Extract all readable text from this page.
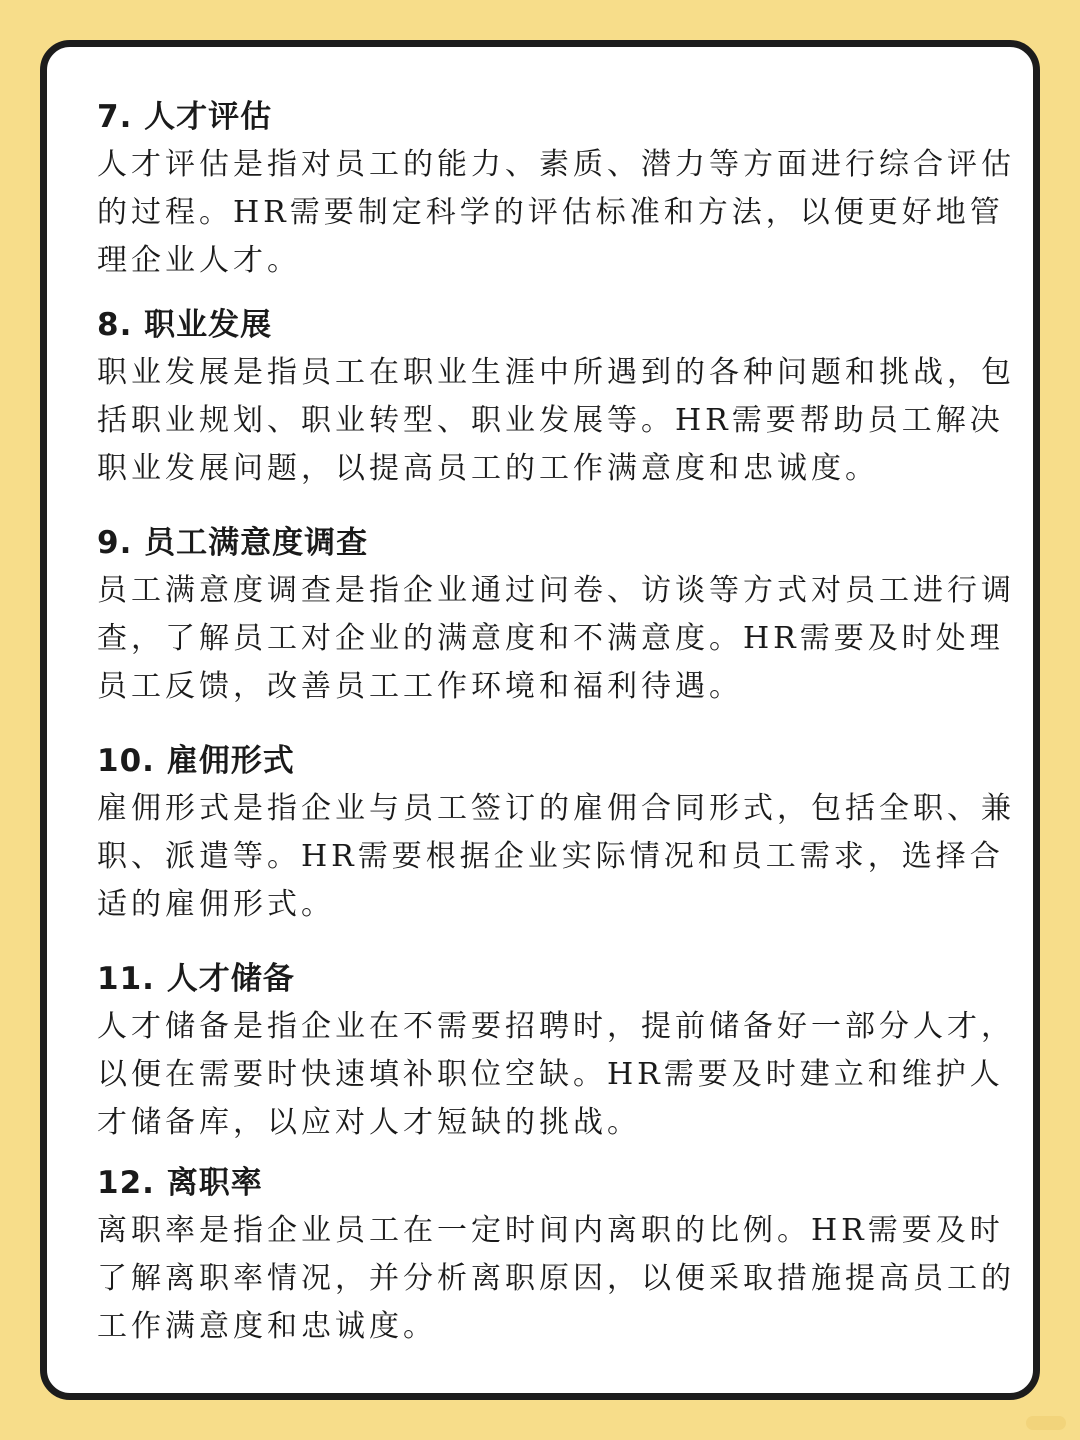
7. 人才评估

人才评估是指对员工的能力、素质、潜力等方面进行综合评估的过程。HR需要制定科学的评估标准和方法，以便更好地管理企业人才。

8. 职业发展

职业发展是指员工在职业生涯中所遇到的各种问题和挑战，包括职业规划、职业转型、职业发展等。HR需要帮助员工解决职业发展问题，以提高员工的工作满意度和忠诚度。

9. 员工满意度调查

员工满意度调查是指企业通过问卷、访谈等方式对员工进行调查，了解员工对企业的满意度和不满意度。HR需要及时处理员工反馈，改善员工工作环境和福利待遇。

10. 雇佣形式

雇佣形式是指企业与员工签订的雇佣合同形式，包括全职、兼职、派遣等。HR需要根据企业实际情况和员工需求，选择合适的雇佣形式。

11. 人才储备

人才储备是指企业在不需要招聘时，提前储备好一部分人才，以便在需要时快速填补职位空缺。HR需要及时建立和维护人才储备库，以应对人才短缺的挑战。

12. 离职率

离职率是指企业员工在一定时间内离职的比例。HR需要及时了解离职率情况，并分析离职原因，以便采取措施提高员工的工作满意度和忠诚度。
